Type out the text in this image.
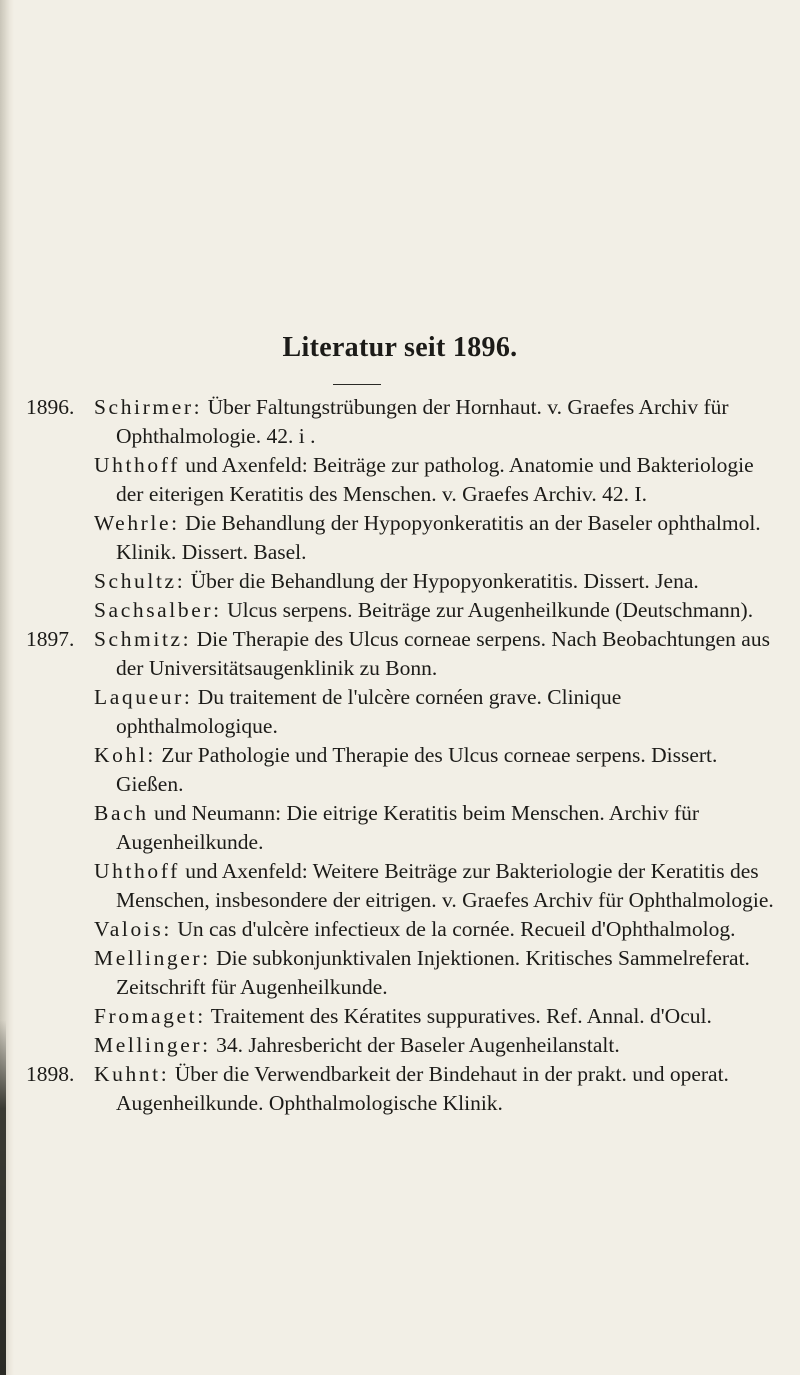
Literatur seit 1896.
1896. Schirmer: Über Faltungstrübungen der Hornhaut. v. Graefes Archiv für Ophthalmologie. 42. i .
Uhthoff und Axenfeld: Beiträge zur patholog. Anatomie und Bakteriologie der eiterigen Keratitis des Menschen. v. Graefes Archiv. 42. I.
Wehrle: Die Behandlung der Hypopyonkeratitis an der Baseler ophthalmol. Klinik. Dissert. Basel.
Schultz: Über die Behandlung der Hypopyonkeratitis. Dissert. Jena.
Sachsalber: Ulcus serpens. Beiträge zur Augenheilkunde (Deutschmann).
1897. Schmitz: Die Therapie des Ulcus corneae serpens. Nach Beobachtungen aus der Universitätsaugenklinik zu Bonn.
Laqueur: Du traitement de l'ulcère cornéen grave. Clinique ophthalmologique.
Kohl: Zur Pathologie und Therapie des Ulcus corneae serpens. Dissert. Gießen.
Bach und Neumann: Die eitrige Keratitis beim Menschen. Archiv für Augenheilkunde.
Uhthoff und Axenfeld: Weitere Beiträge zur Bakteriologie der Keratitis des Menschen, insbesondere der eitrigen. v. Graefes Archiv für Ophthalmologie.
Valois: Un cas d'ulcère infectieux de la cornée. Recueil d'Ophthalmolog.
Mellinger: Die subkonjunktivalen Injektionen. Kritisches Sammelreferat. Zeitschrift für Augenheilkunde.
Fromaget: Traitement des Kératites suppuratives. Ref. Annal. d'Ocul.
Mellinger: 34. Jahresbericht der Baseler Augenheilanstalt.
1898. Kuhnt: Über die Verwendbarkeit der Bindehaut in der prakt. und operat. Augenheilkunde. Ophthalmologische Klinik.
